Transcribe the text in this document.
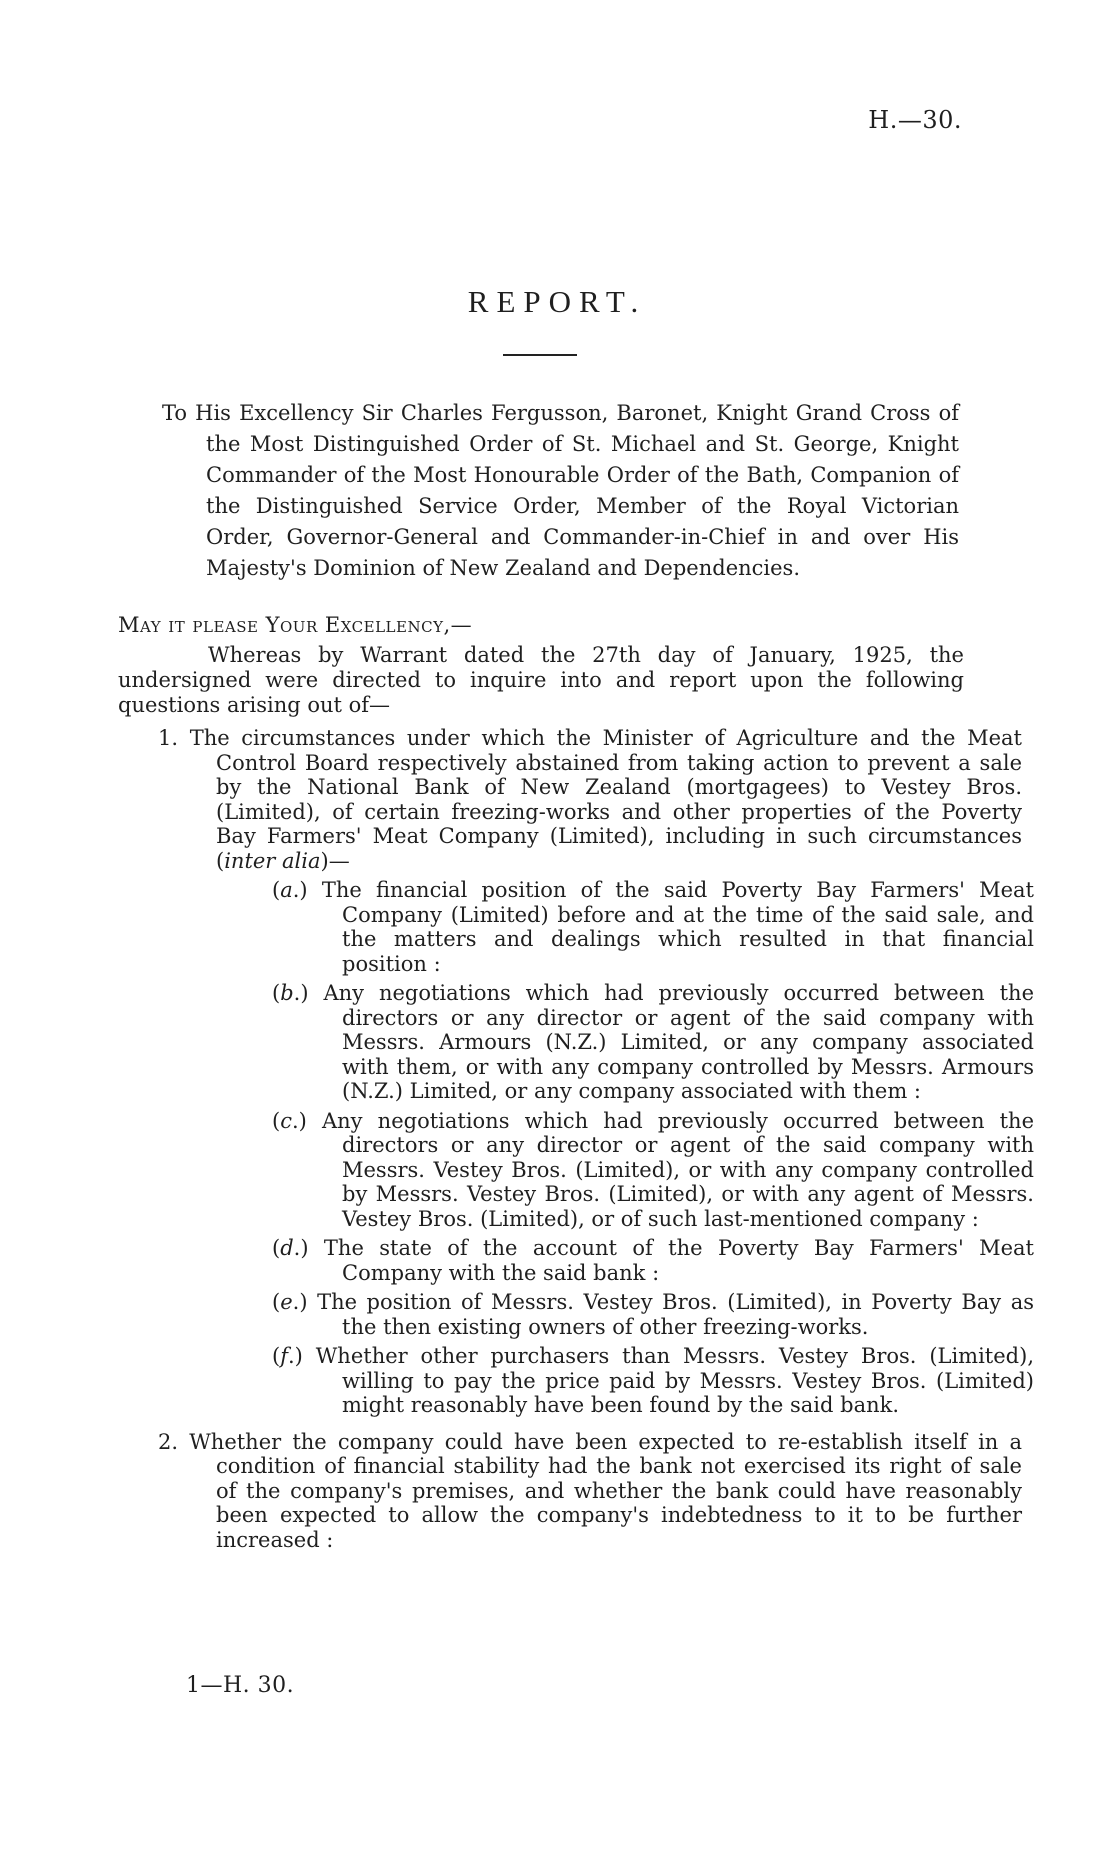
H.—30.
REPORT.

To His Excellency Sir Charles Fergusson, Baronet, Knight Grand Cross of the Most Distinguished Order of St. Michael and St. George, Knight Commander of the Most Honourable Order of the Bath, Companion of the Distinguished Service Order, Member of the Royal Victorian Order, Governor-General and Commander-in-Chief in and over His Majesty's Dominion of New Zealand and Dependencies.

May it please Your Excellency,—
Whereas by Warrant dated the 27th day of January, 1925, the undersigned were directed to inquire into and report upon the following questions arising out of—
1. The circumstances under which the Minister of Agriculture and the Meat Control Board respectively abstained from taking action to prevent a sale by the National Bank of New Zealand (mortgagees) to Vestey Bros. (Limited), of certain freezing-works and other properties of the Poverty Bay Farmers' Meat Company (Limited), including in such circumstances (inter alia)—
(a.) The financial position of the said Poverty Bay Farmers' Meat Company (Limited) before and at the time of the said sale, and the matters and dealings which resulted in that financial position :
(b.) Any negotiations which had previously occurred between the directors or any director or agent of the said company with Messrs. Armours (N.Z.) Limited, or any company associated with them, or with any company controlled by Messrs. Armours (N.Z.) Limited, or any company associated with them :
(c.) Any negotiations which had previously occurred between the directors or any director or agent of the said company with Messrs. Vestey Bros. (Limited), or with any company controlled by Messrs. Vestey Bros. (Limited), or with any agent of Messrs. Vestey Bros. (Limited), or of such last-mentioned company :
(d.) The state of the account of the Poverty Bay Farmers' Meat Company with the said bank :
(e.) The position of Messrs. Vestey Bros. (Limited), in Poverty Bay as the then existing owners of other freezing-works.
(f.) Whether other purchasers than Messrs. Vestey Bros. (Limited), willing to pay the price paid by Messrs. Vestey Bros. (Limited) might reasonably have been found by the said bank.
2. Whether the company could have been expected to re-establish itself in a condition of financial stability had the bank not exercised its right of sale of the company's premises, and whether the bank could have reasonably been expected to allow the company's indebtedness to it to be further increased :
1—H. 30.
